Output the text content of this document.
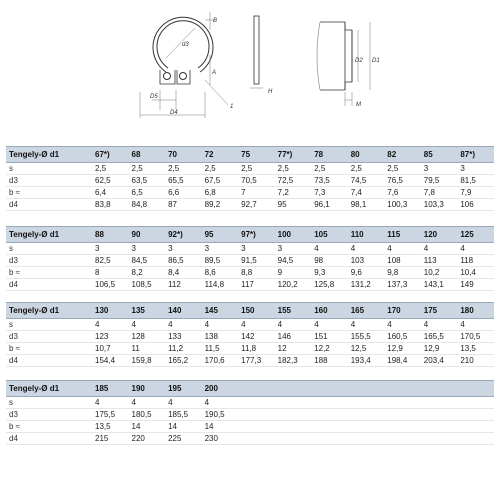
B
d3
A
D5
D4
1
H
D2 D1
M
Tengely-Ø d1	67*)	68	70	72	75	77*)	78	80	82	85	87*)
s	2,5	2,5	2,5	2,5	2,5	2,5	2,5	2,5	2,5	3	3
d3	62,5	63,5	65,5	67,5	70,5	72,5	73,5	74,5	76,5	79,5	81,5
b ≈	6,4	6,5	6,6	6,8	7	7,2	7,3	7,4	7,6	7,8	7,9
d4	83,8	84,8	87	89,2	92,7	95	96,1	98,1	100,3	103,3	106
Tengely-Ø d1	88	90	92*)	95	97*)	100	105	110	115	120	125
s	3	3	3	3	3	3	4	4	4	4	4
d3	82,5	84,5	86,5	89,5	91,5	94,5	98	103	108	113	118
b ≈	8	8,2	8,4	8,6	8,8	9	9,3	9,6	9,8	10,2	10,4
d4	106,5	108,5	112	114,8	117	120,2	125,8	131,2	137,3	143,1	149
Tengely-Ø d1	130	135	140	145	150	155	160	165	170	175	180
s	4	4	4	4	4	4	4	4	4	4	4
d3	123	128	133	138	142	146	151	155,5	160,5	165,5	170,5
b ≈	10,7	11	11,2	11,5	11,8	12	12,2	12,5	12,9	12,9	13,5
d4	154,4	159,8	165,2	170,6	177,3	182,3	188	193,4	198,4	203,4	210
Tengely-Ø d1	185	190	195	200							
s	4	4	4	4							
d3	175,5	180,5	185,5	190,5							
b ≈	13,5	14	14	14							
d4	215	220	225	230							
